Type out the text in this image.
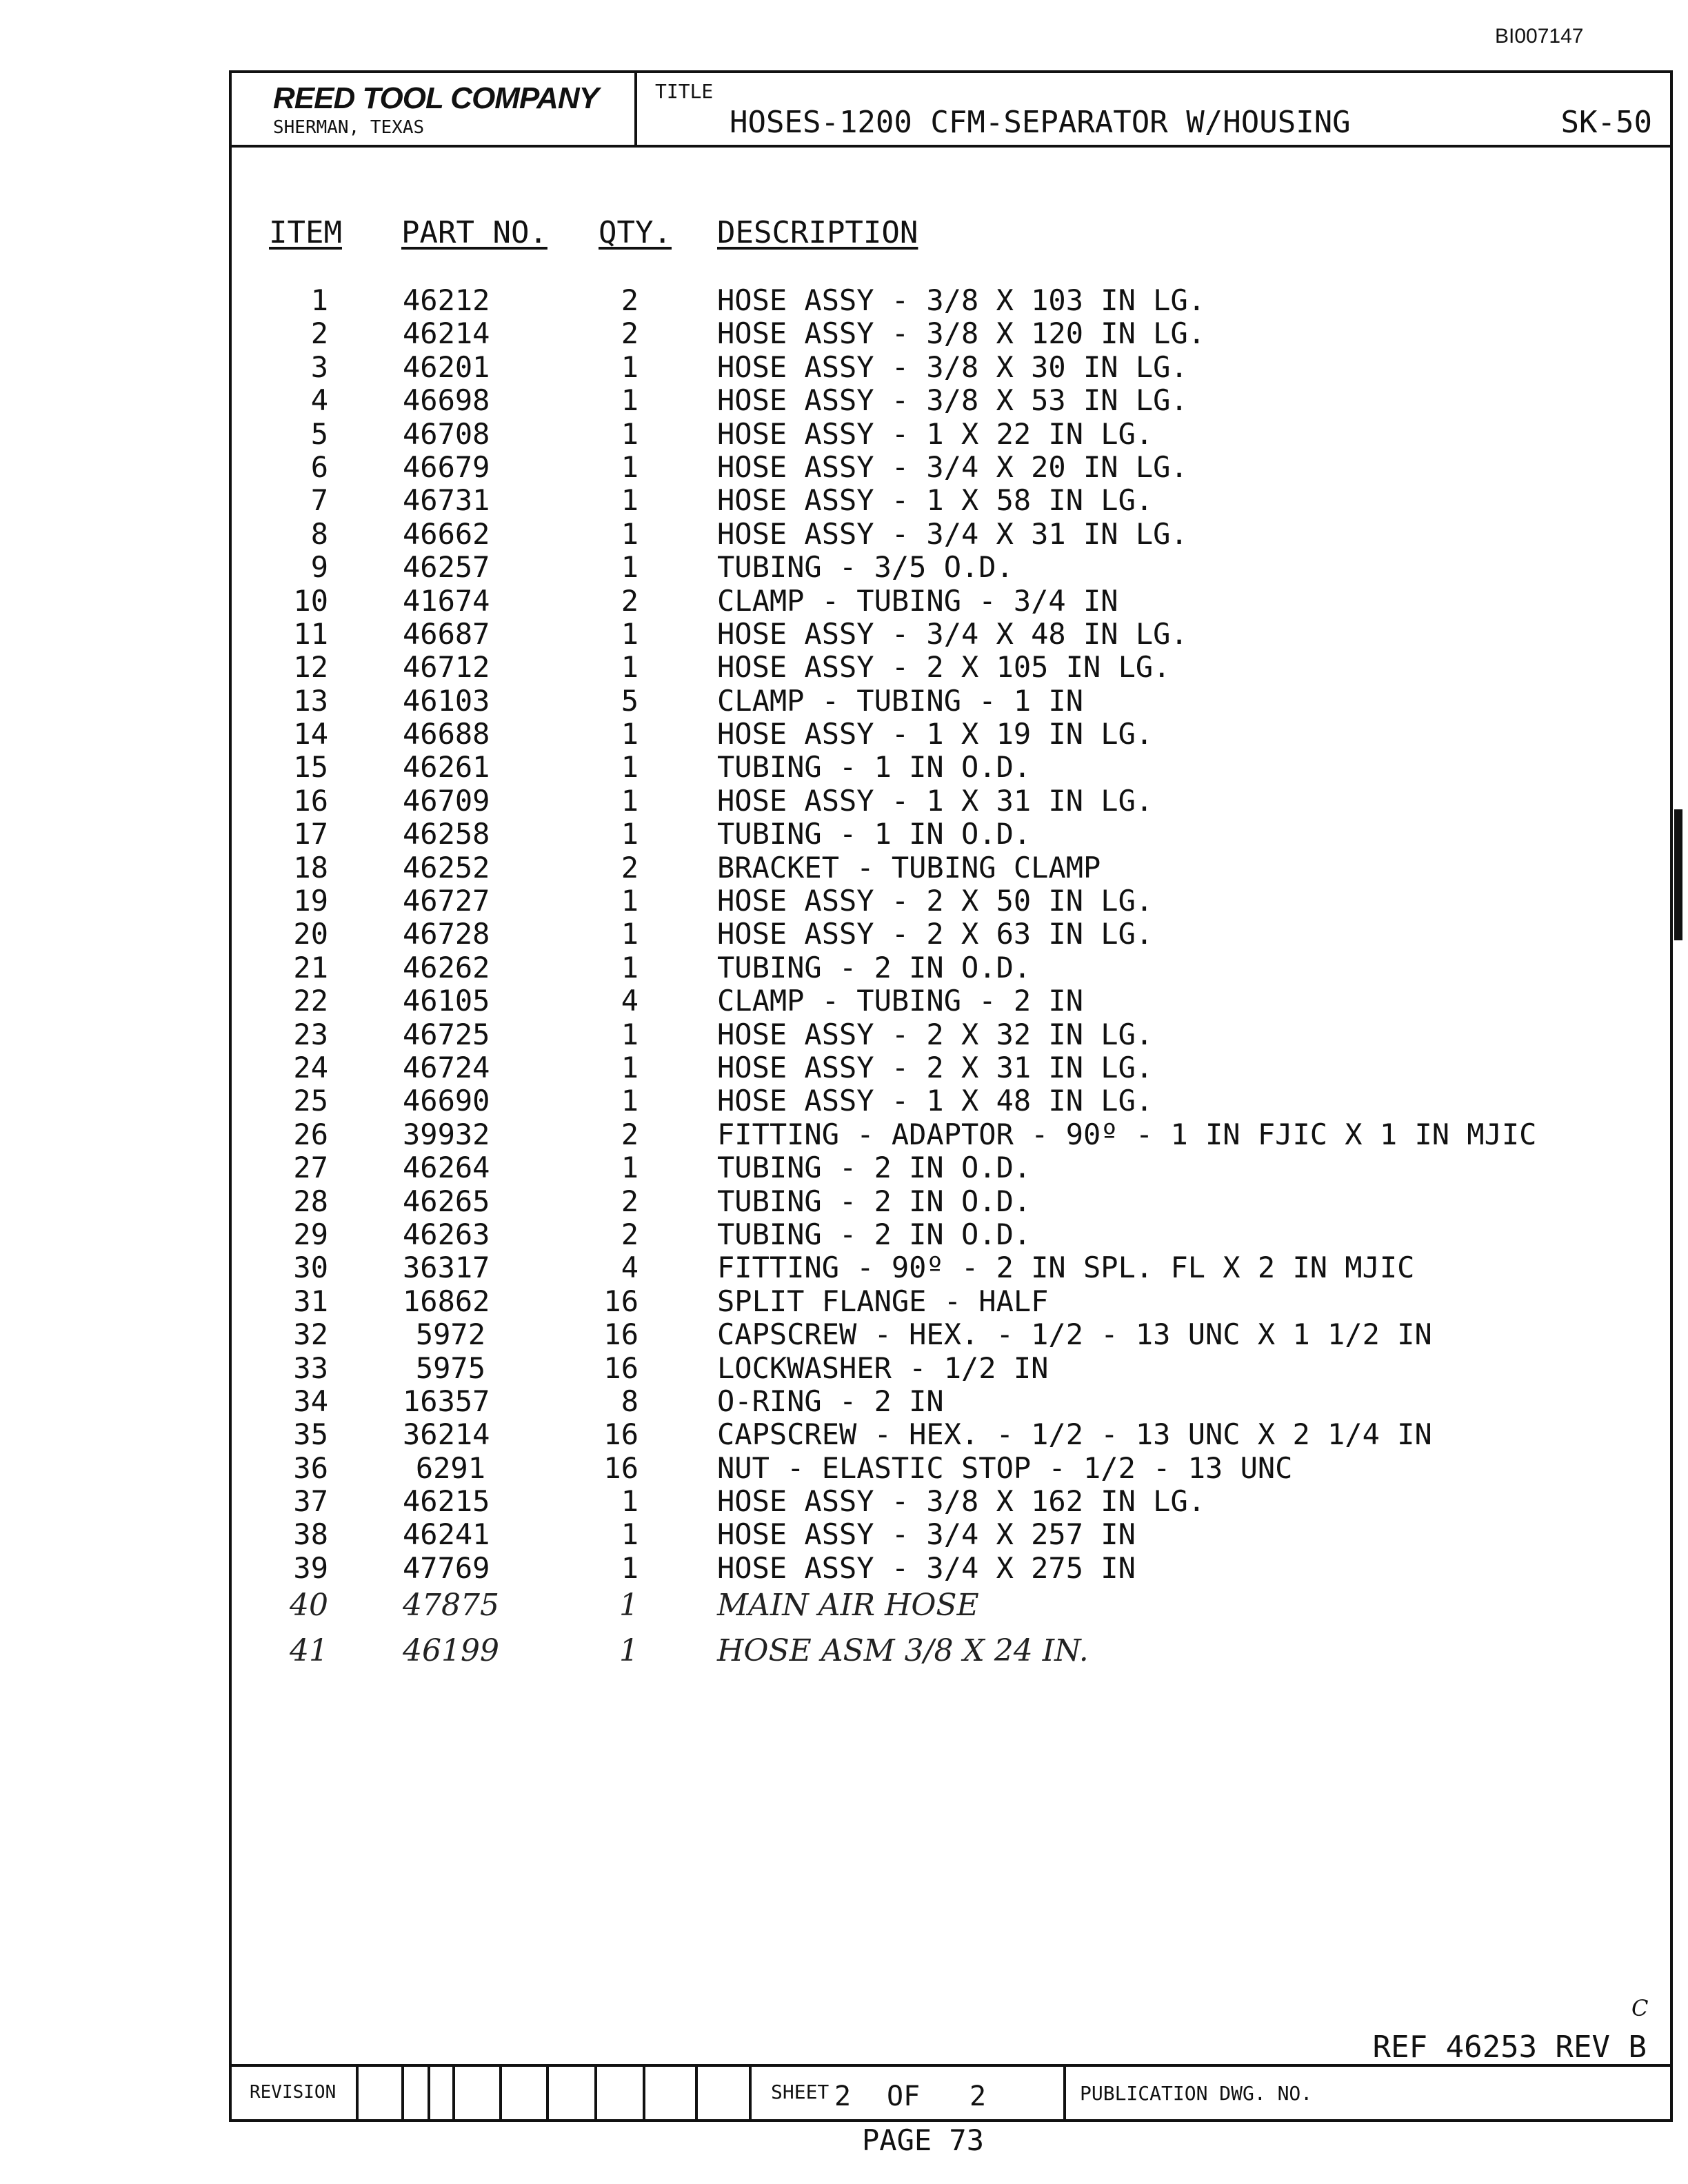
BI007147
REED TOOL COMPANY
SHERMAN, TEXAS
TITLE
HOSES-1200 CFM-SEPARATOR W/HOUSING	SK-50
ITEM PART NO. QTY. DESCRIPTION
1	46212	2	HOSE ASSY - 3/8 X 103 IN LG.
2	46214	2	HOSE ASSY - 3/8 X 120 IN LG.
3	46201	1	HOSE ASSY - 3/8 X 30 IN LG.
4	46698	1	HOSE ASSY - 3/8 X 53 IN LG.
5	46708	1	HOSE ASSY - 1 X 22 IN LG.
6	46679	1	HOSE ASSY - 3/4 X 20 IN LG.
7	46731	1	HOSE ASSY - 1 X 58 IN LG.
8	46662	1	HOSE ASSY - 3/4 X 31 IN LG.
9	46257	1	TUBING - 3/5 O.D.
10	41674	2	CLAMP - TUBING - 3/4 IN
11	46687	1	HOSE ASSY - 3/4 X 48 IN LG.
12	46712	1	HOSE ASSY - 2 X 105 IN LG.
13	46103	5	CLAMP - TUBING - 1 IN
14	46688	1	HOSE ASSY - 1 X 19 IN LG.
15	46261	1	TUBING - 1 IN O.D.
16	46709	1	HOSE ASSY - 1 X 31 IN LG.
17	46258	1	TUBING - 1 IN O.D.
18	46252	2	BRACKET - TUBING CLAMP
19	46727	1	HOSE ASSY - 2 X 50 IN LG.
20	46728	1	HOSE ASSY - 2 X 63 IN LG.
21	46262	1	TUBING - 2 IN O.D.
22	46105	4	CLAMP - TUBING - 2 IN
23	46725	1	HOSE ASSY - 2 X 32 IN LG.
24	46724	1	HOSE ASSY - 2 X 31 IN LG.
25	46690	1	HOSE ASSY - 1 X 48 IN LG.
26	39932	2	FITTING - ADAPTOR - 90º - 1 IN FJIC X 1 IN MJIC
27	46264	1	TUBING - 2 IN O.D.
28	46265	2	TUBING - 2 IN O.D.
29	46263	2	TUBING - 2 IN O.D.
30	36317	4	FITTING - 90º - 2 IN SPL. FL X 2 IN MJIC
31	16862	16	SPLIT FLANGE - HALF
32	5972	16	CAPSCREW - HEX. - 1/2 - 13 UNC X 1 1/2 IN
33	5975	16	LOCKWASHER - 1/2 IN
34	16357	8	O-RING - 2 IN
35	36214	16	CAPSCREW - HEX. - 1/2 - 13 UNC X 2 1/4 IN
36	6291	16	NUT - ELASTIC STOP - 1/2 - 13 UNC
37	46215	1	HOSE ASSY - 3/8 X 162 IN LG.
38	46241	1	HOSE ASSY - 3/4 X 257 IN
39	47769	1	HOSE ASSY - 3/4 X 275 IN
40 47875	1	MAIN AIR HOSE
41 46199	1	HOSE ASM 3/8 X 24 IN.
C
REF 46253 REV B
REVISION	SHEET 2 OF 2	PUBLICATION DWG. NO.
PAGE 73
